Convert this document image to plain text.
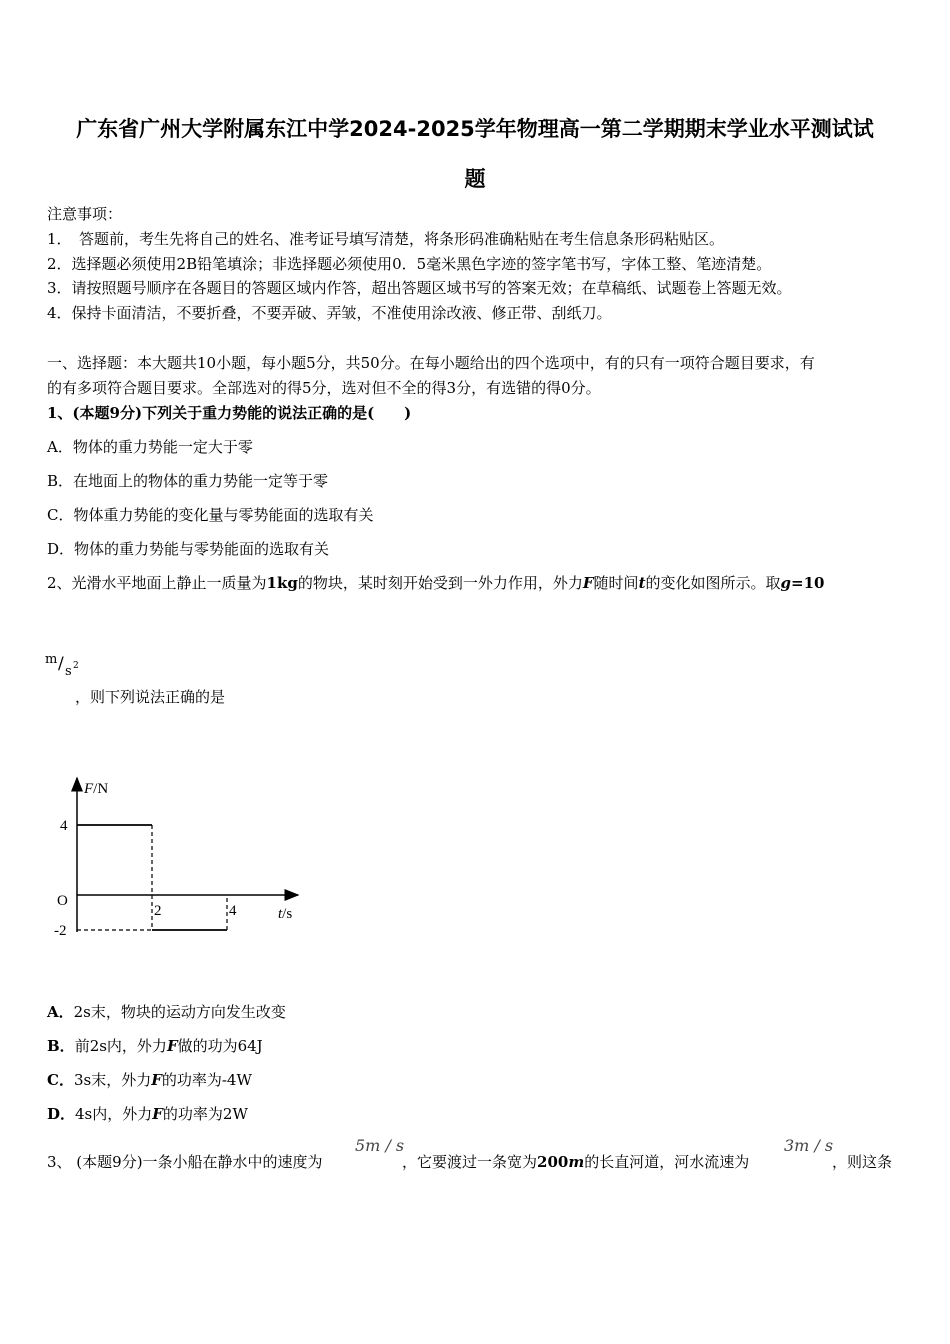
广东省广州大学附属东江中学2024-2025学年物理高一第二学期期末学业水平测试试
题
注意事项：
1．　答题前，考生先将自己的姓名、准考证号填写清楚，将条形码准确粘贴在考生信息条形码粘贴区。
2．选择题必须使用2B铅笔填涂；非选择题必须使用0．5毫米黑色字迹的签字笔书写，字体工整、笔迹清楚。
3．请按照题号顺序在各题目的答题区域内作答，超出答题区域书写的答案无效；在草稿纸、试题卷上答题无效。
4．保持卡面清洁，不要折叠，不要弄破、弄皱，不准使用涂改液、修正带、刮纸刀。
一、选择题：本大题共10小题，每小题5分，共50分。在每小题给出的四个选项中，有的只有一项符合题目要求，有
的有多项符合题目要求。全部选对的得5分，选对但不全的得3分，有选错的得0分。
1、(本题9分)下列关于重力势能的说法正确的是(　　)
A．物体的重力势能一定大于零
B．在地面上的物体的重力势能一定等于零
C．物体重力势能的变化量与零势能面的选取有关
D．物体的重力势能与零势能面的选取有关
2、光滑水平地面上静止一质量为1kg的物块，某时刻开始受到一外力作用，外力F随时间t的变化如图所示。取g=10
m / s 2
，则下列说法正确的是
F/N
t/s
O
4
-2
2	4
A．2s末，物块的运动方向发生改变
B．前2s内，外力F做的功为64J
C．3s末，外力F的功率为-4W
D．4s内，外力F的功率为2W
3、 (本题9分)一条小船在静水中的速度为
5m / s
，它要渡过一条宽为200m的长直河道，河水流速为
3m / s
，则这条
